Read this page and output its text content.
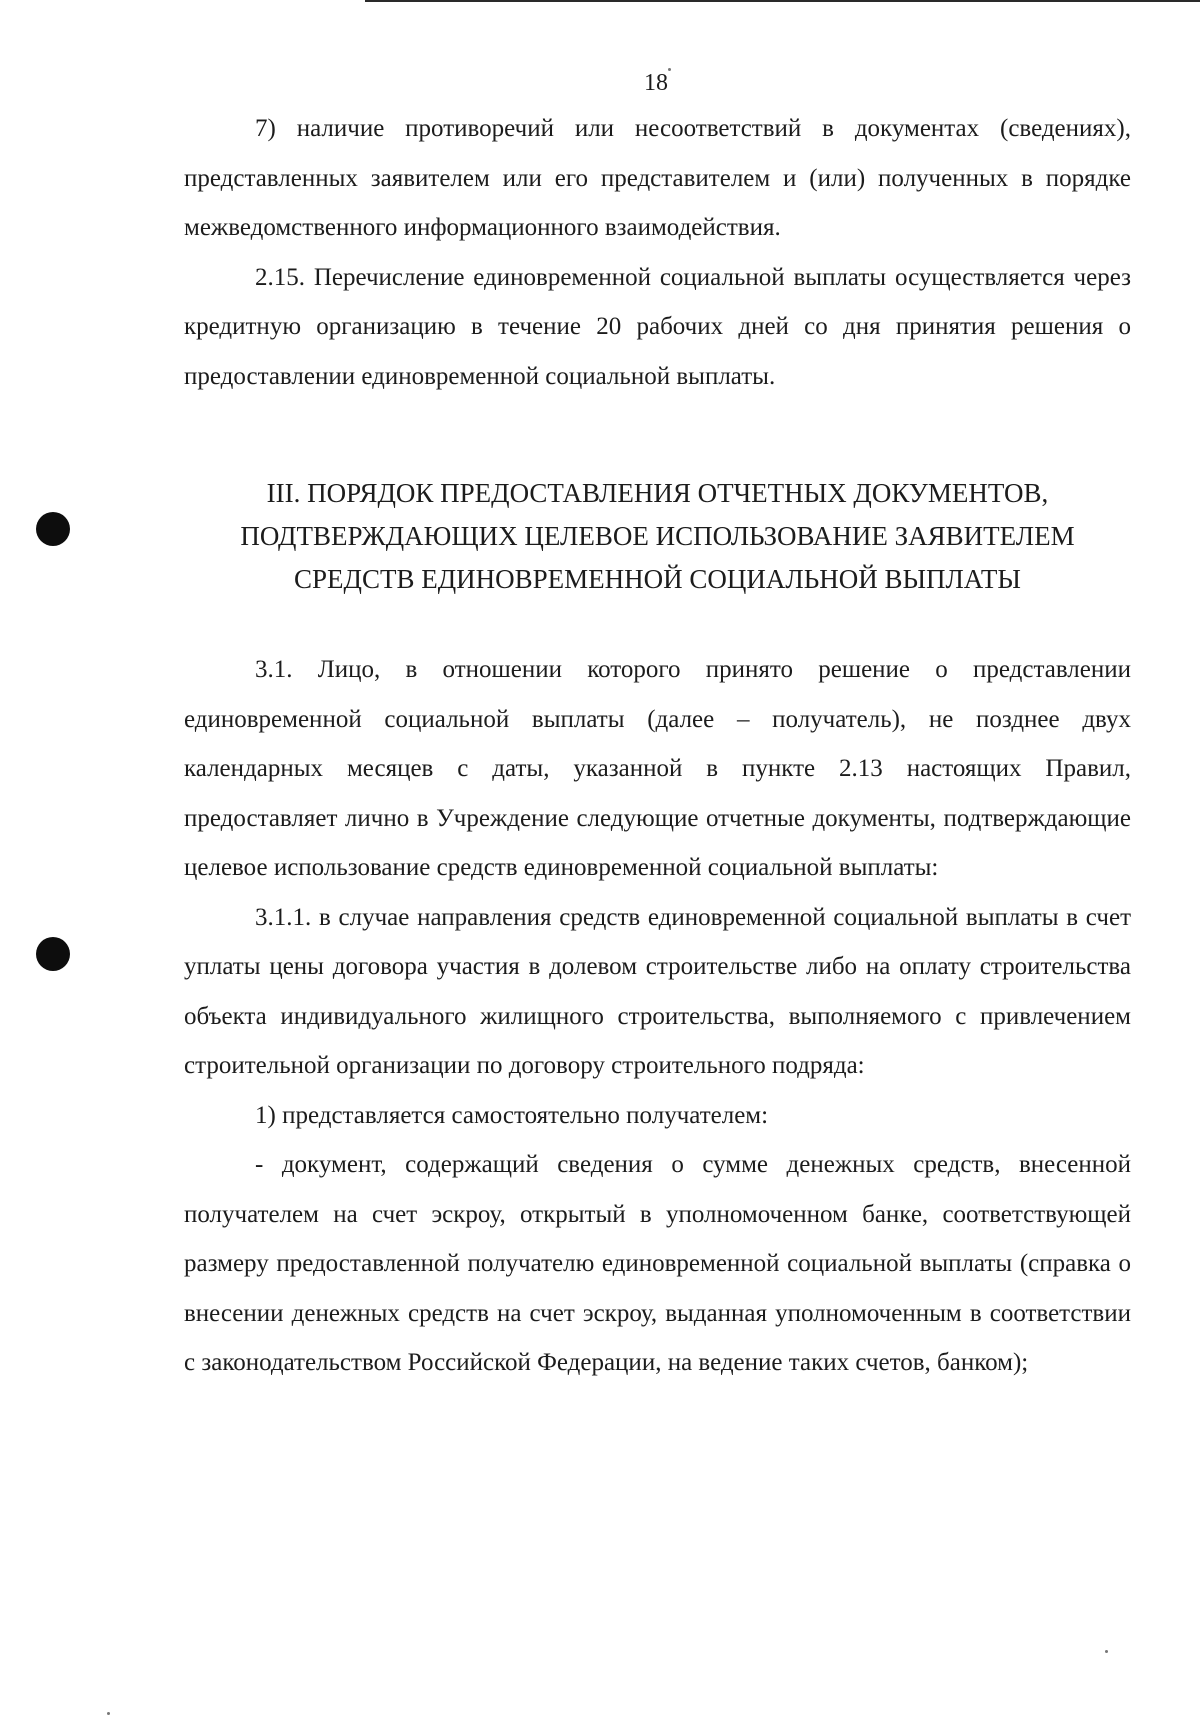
18

7) наличие противоречий или несоответствий в документах (сведениях), представленных заявителем или его представителем и (или) полученных в порядке межведомственного информационного взаимодействия.

2.15. Перечисление единовременной социальной выплаты осуществляется через кредитную организацию в течение 20 рабочих дней со дня принятия решения о предоставлении единовременной социальной выплаты.

III. ПОРЯДОК ПРЕДОСТАВЛЕНИЯ ОТЧЕТНЫХ ДОКУМЕНТОВ,
ПОДТВЕРЖДАЮЩИХ ЦЕЛЕВОЕ ИСПОЛЬЗОВАНИЕ ЗАЯВИТЕЛЕМ
СРЕДСТВ ЕДИНОВРЕМЕННОЙ СОЦИАЛЬНОЙ ВЫПЛАТЫ

3.1. Лицо, в отношении которого принято решение о представлении единовременной социальной выплаты (далее – получатель), не позднее двух календарных месяцев с даты, указанной в пункте 2.13 настоящих Правил, предоставляет лично в Учреждение следующие отчетные документы, подтверждающие целевое использование средств единовременной социальной выплаты:

3.1.1. в случае направления средств единовременной социальной выплаты в счет уплаты цены договора участия в долевом строительстве либо на оплату строительства объекта индивидуального жилищного строительства, выполняемого с привлечением строительной организации по договору строительного подряда:

1) представляется самостоятельно получателем:

- документ, содержащий сведения о сумме денежных средств, внесенной получателем на счет эскроу, открытый в уполномоченном банке, соответствующей размеру предоставленной получателю единовременной социальной выплаты (справка о внесении денежных средств на счет эскроу, выданная уполномоченным в соответствии с законодательством Российской Федерации, на ведение таких счетов, банком);
